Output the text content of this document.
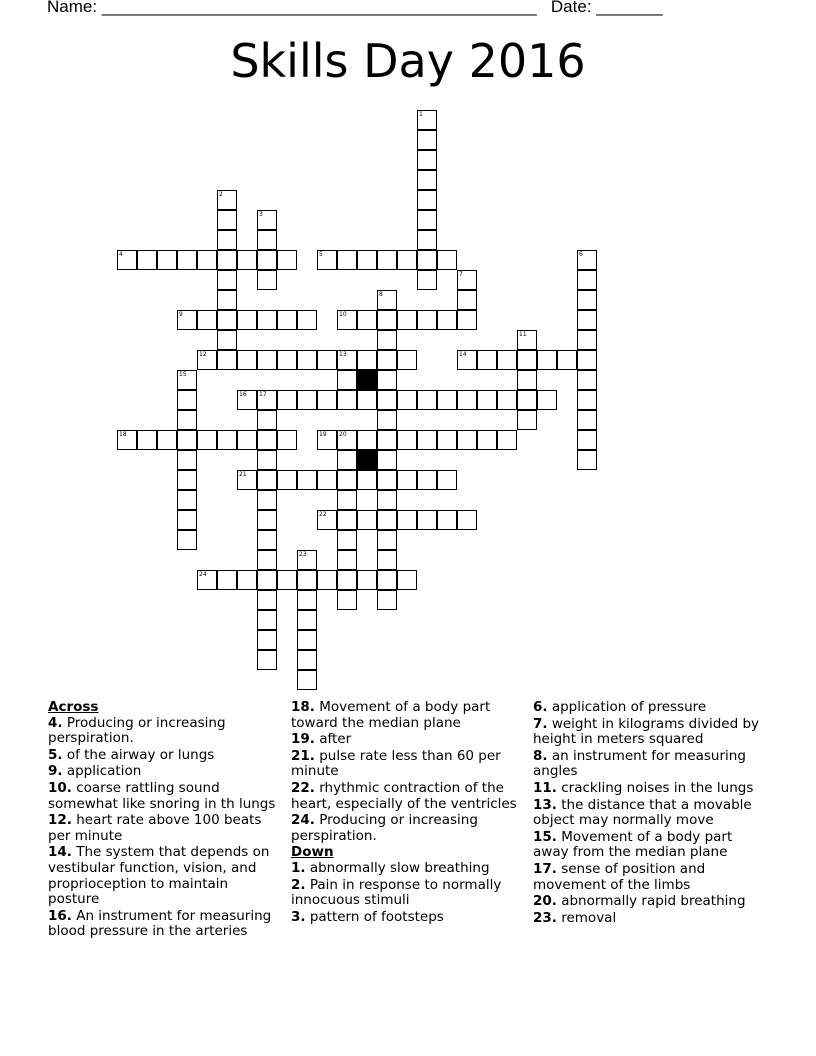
Name: ______________________________________________ Date: _______
Skills Day 2016
1
2
3
4	5	6
7
8
9	10
11
12	13	14
15
16 17
18	19 20
21
22
23
24
Across
4. Producing or increasing perspiration.
5. of the airway or lungs
9. application
10. coarse rattling sound somewhat like snoring in th lungs
12. heart rate above 100 beats per minute
14. The system that depends on vestibular function, vision, and proprioception to maintain posture
16. An instrument for measuring blood pressure in the arteries
18. Movement of a body part toward the median plane
19. after
21. pulse rate less than 60 per minute
22. rhythmic contraction of the heart, especially of the ventricles
24. Producing or increasing perspiration.
Down
1. abnormally slow breathing
2. Pain in response to normally innocuous stimuli
3. pattern of footsteps
6. application of pressure
7. weight in kilograms divided by height in meters squared
8. an instrument for measuring angles
11. crackling noises in the lungs
13. the distance that a movable object may normally move
15. Movement of a body part away from the median plane
17. sense of position and movement of the limbs
20. abnormally rapid breathing
23. removal
